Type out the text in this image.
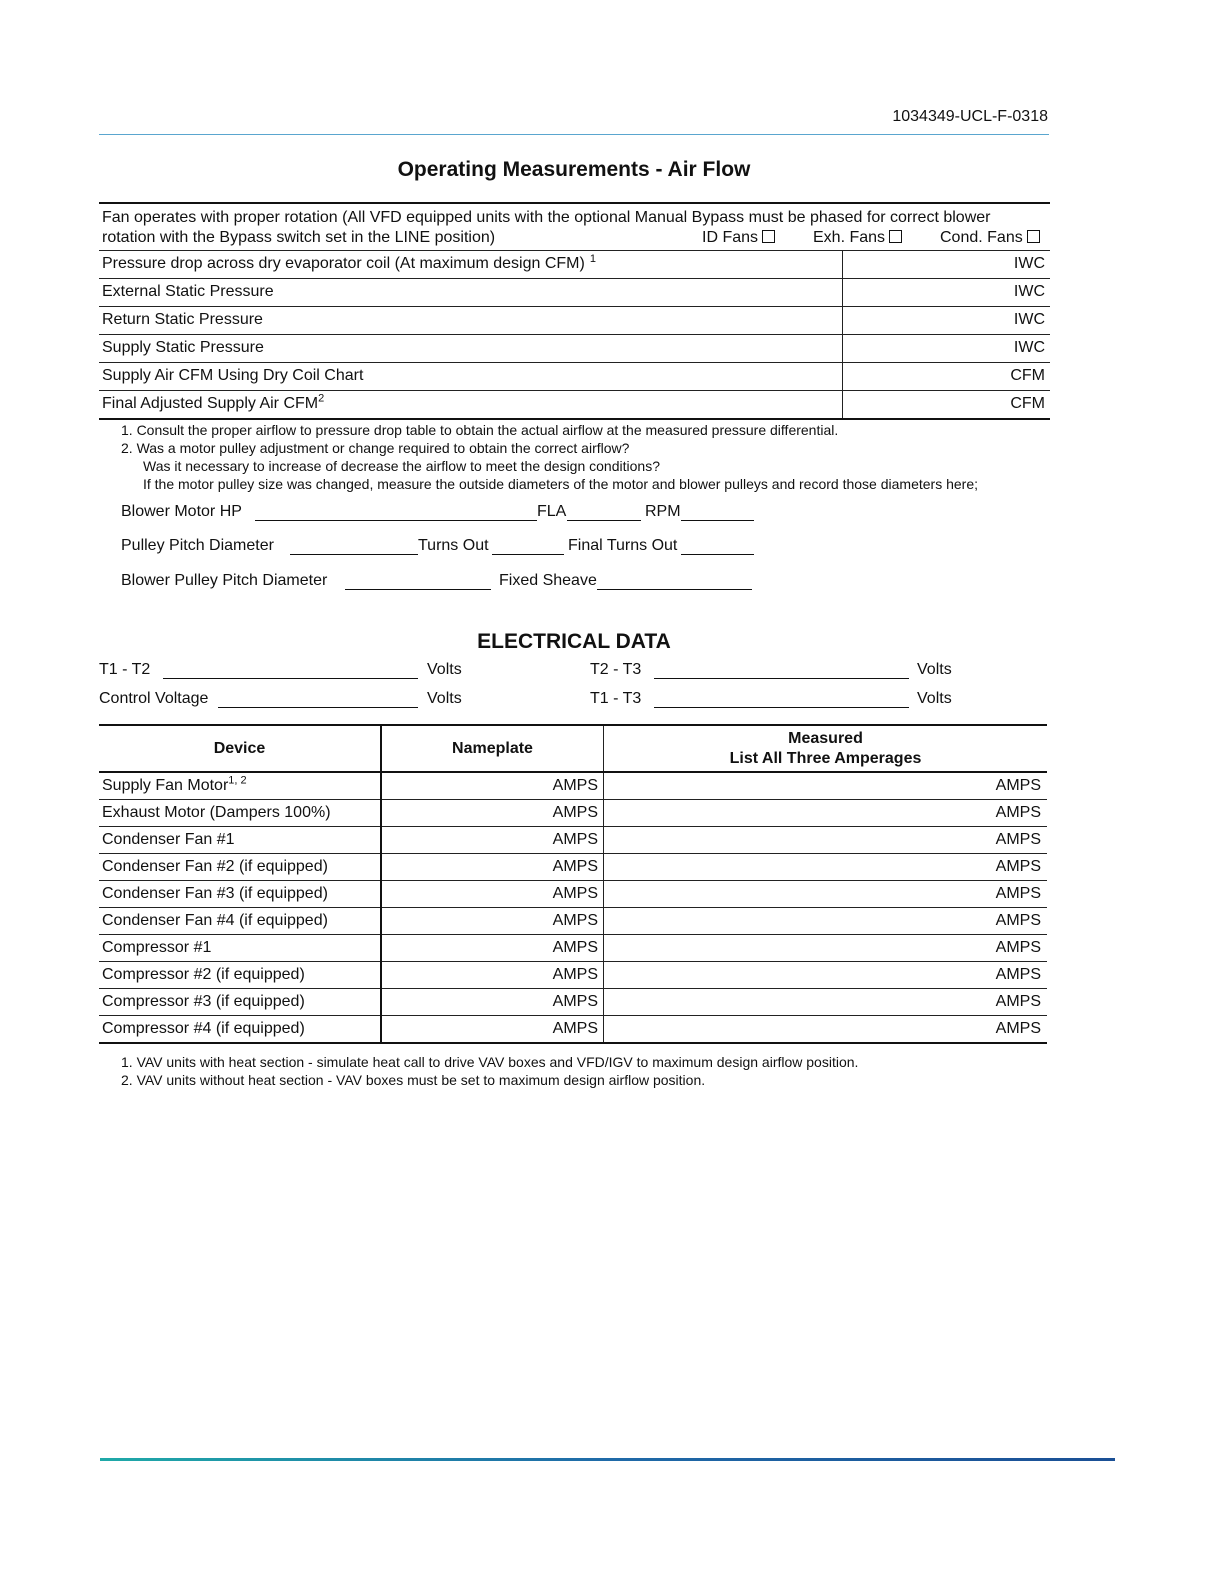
1034349-UCL-F-0318
Operating Measurements - Air Flow
Fan operates with proper rotation (All VFD equipped units with the optional Manual Bypass must be phased for correct blower
rotation with the Bypass switch set in the LINE position)	ID Fans	Exh. Fans	Cond. Fans
Pressure drop across dry evaporator coil (At maximum design CFM) $^1$	IWC
External Static Pressure	IWC
Return Static Pressure	IWC
Supply Static Pressure	IWC
Supply Air CFM Using Dry Coil Chart	CFM
Final Adjusted Supply Air CFM$^2$	CFM
1. Consult the proper airflow to pressure drop table to obtain the actual airflow at the measured pressure differential.
2. Was a motor pulley adjustment or change required to obtain the correct airflow?
Was it necessary to increase of decrease the airflow to meet the design conditions?
If the motor pulley size was changed, measure the outside diameters of the motor and blower pulleys and record those diameters here;
Blower Motor HP	FLA	RPM
Pulley Pitch Diameter	Turns Out	Final Turns Out
Blower Pulley Pitch Diameter	Fixed Sheave
ELECTRICAL DATA
T1 - T2	Volts	T2 - T3	Volts
Control Voltage	Volts	T1 - T3	Volts
Device	Nameplate	Measured
List All Three Amperages

Supply Fan Motor$^{1, 2}$	AMPS	AMPS
Exhaust Motor (Dampers 100%)	AMPS	AMPS
Condenser Fan #1	AMPS	AMPS
Condenser Fan #2 (if equipped)	AMPS	AMPS
Condenser Fan #3 (if equipped)	AMPS	AMPS
Condenser Fan #4 (if equipped)	AMPS	AMPS
Compressor #1	AMPS	AMPS
Compressor #2 (if equipped)	AMPS	AMPS
Compressor #3 (if equipped)	AMPS	AMPS
Compressor #4 (if equipped)	AMPS	AMPS
1. VAV units with heat section - simulate heat call to drive VAV boxes and VFD/IGV to maximum design airflow position.
2. VAV units without heat section - VAV boxes must be set to maximum design airflow position.
